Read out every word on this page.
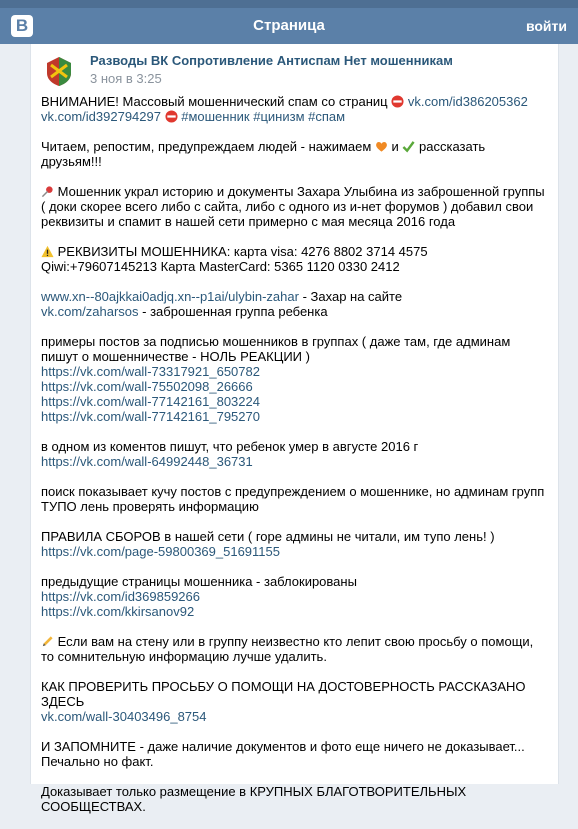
B	Страница	войти
Разводы ВК Сопротивление Антиспам Нет мошенникам
3 ноя в 3:25

ВНИМАНИЕ! Массовый мошеннический спам со страниц  vk.com/id386205362
vk.com/id392794297 #мошенник #цинизм #спам

Читаем, репостим, предупреждаем людей - нажимаем  и  рассказать друзьям!!!

Мошенник украл историю и документы Захара Улыбина из заброшенной группы ( доки скорее всего либо с сайта, либо с одного из и-нет форумов ) добавил свои реквизиты и спамит в нашей сети примерно с мая месяца 2016 года

РЕКВИЗИТЫ МОШЕННИКА: карта visa: 4276 8802 3714 4575 Qiwi:+79607145213 Карта MasterCard: 5365 1120 0330 2412

www.xn--80ajkkai0adjq.xn--p1ai/ulybin-zahar - Захар на сайте
vk.com/zaharsos - заброшенная группа ребенка

примеры постов за подписью мошенников в группах ( даже там, где админам пишут о мошенничестве - НОЛЬ РЕАКЦИИ )
https://vk.com/wall-73317921_650782
https://vk.com/wall-75502098_26666
https://vk.com/wall-77142161_803224
https://vk.com/wall-77142161_795270

в одном из коментов пишут, что ребенок умер в августе 2016 г
https://vk.com/wall-64992448_36731

поиск показывает кучу постов с предупреждением о мошеннике, но админам групп ТУПО лень проверять информацию

ПРАВИЛА СБОРОВ в нашей сети ( горе админы не читали, им тупо лень! )
https://vk.com/page-59800369_51691155

предыдущие страницы мошенника - заблокированы
https://vk.com/id369859266
https://vk.com/kkirsanov92

Если вам на стену или в группу неизвестно кто лепит свою просьбу о помощи, то сомнительную информацию лучше удалить.

КАК ПРОВЕРИТЬ ПРОСЬБУ О ПОМОЩИ НА ДОСТОВЕРНОСТЬ РАССКАЗАНО ЗДЕСЬ
vk.com/wall-30403496_8754

И ЗАПОМНИТЕ - даже наличие документов и фото еще ничего не доказывает... Печально но факт.

Доказывает только размещение в КРУПНЫХ БЛАГОТВОРИТЕЛЬНЫХ СООБЩЕСТВАХ.
